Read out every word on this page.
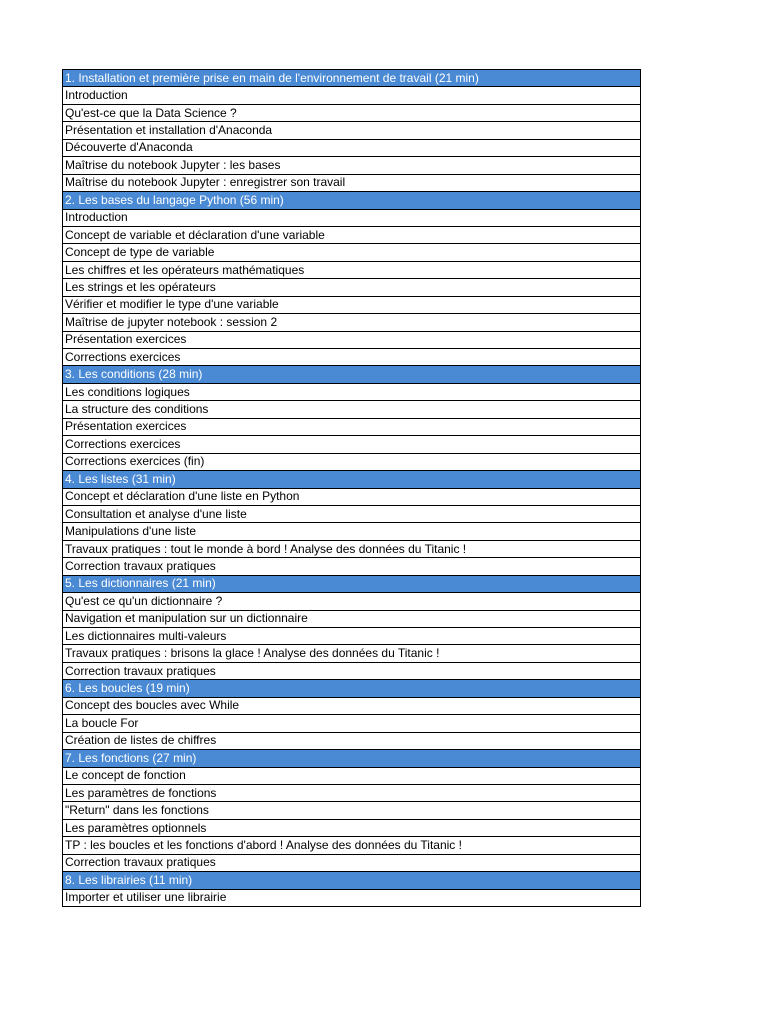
1. Installation et première prise en main de l'environnement de travail (21 min)
Introduction
Qu'est-ce que la Data Science ?
Présentation et installation d'Anaconda
Découverte d'Anaconda
Maîtrise du notebook Jupyter : les bases
Maîtrise du notebook Jupyter : enregistrer son travail
2. Les bases du langage Python (56 min)
Introduction
Concept de variable et déclaration d'une variable
Concept de type de variable
Les chiffres et les opérateurs mathématiques
Les strings et les opérateurs
Vérifier et modifier le type d'une variable
Maîtrise de jupyter notebook : session 2
Présentation exercices
Corrections exercices
3. Les conditions (28 min)
Les conditions logiques
La structure des conditions
Présentation exercices
Corrections exercices
Corrections exercices (fin)
4. Les listes (31 min)
Concept et déclaration d'une liste en Python
Consultation et analyse d'une liste
Manipulations d'une liste
Travaux pratiques : tout le monde à bord ! Analyse des données du Titanic !
Correction travaux pratiques
5. Les dictionnaires (21 min)
Qu'est ce qu'un dictionnaire ?
Navigation et manipulation sur un dictionnaire
Les dictionnaires multi-valeurs
Travaux pratiques : brisons la glace ! Analyse des données du Titanic !
Correction travaux pratiques
6. Les boucles (19 min)
Concept des boucles avec While
La boucle For
Création de listes de chiffres
7. Les fonctions (27 min)
Le concept de fonction
Les paramètres de fonctions
"Return" dans les fonctions
Les paramètres optionnels
TP : les boucles et les fonctions d'abord ! Analyse des données du Titanic !
Correction travaux pratiques
8. Les librairies (11 min)
Importer et utiliser une librairie
